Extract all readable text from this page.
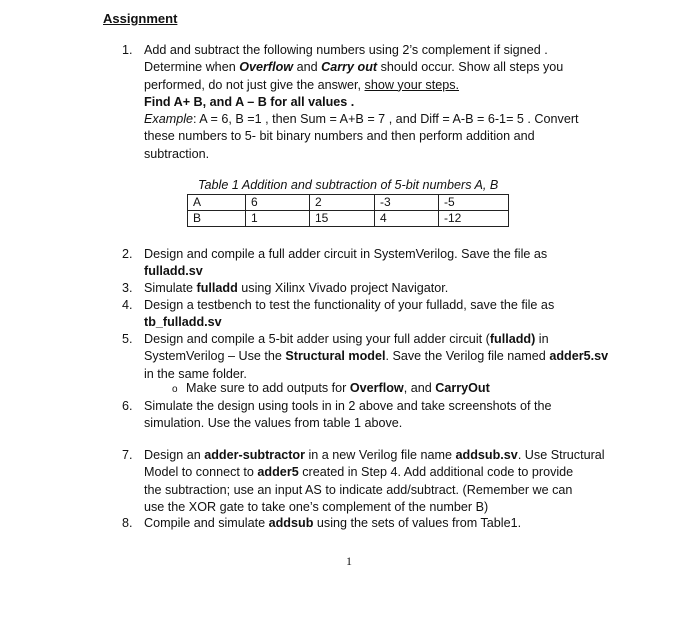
Assignment
1. Add and subtract the following numbers using 2’s complement if signed .
Determine when Overflow and Carry out should occur. Show all steps you
performed, do not just give the answer, show your steps.
Find A+ B, and A – B for all values .
Example: A = 6, B =1 , then Sum = A+B = 7 , and Diff = A-B = 6-1= 5 . Convert
these numbers to 5- bit binary numbers and then perform addition and
subtraction.
Table 1 Addition and subtraction of 5-bit numbers A, B
A	6	2	-3	-5
B	1	15	4	-12
2. Design and compile a full adder circuit in SystemVerilog. Save the file as
fulladd.sv
3. Simulate fulladd using Xilinx Vivado project Navigator.
4. Design a testbench to test the functionality of your fulladd, save the file as
tb_fulladd.sv
5. Design and compile a 5-bit adder using your full adder circuit (fulladd) in
SystemVerilog – Use the Structural model. Save the Verilog file named adder5.sv
in the same folder.
o Make sure to add outputs for Overflow, and CarryOut
6. Simulate the design using tools in in 2 above and take screenshots of the
simulation. Use the values from table 1 above.
7. Design an adder-subtractor in a new Verilog file name addsub.sv. Use Structural
Model to connect to adder5 created in Step 4. Add additional code to provide
the subtraction; use an input AS to indicate add/subtract. (Remember we can
use the XOR gate to take one’s complement of the number B)
8. Compile and simulate addsub using the sets of values from Table1.
1
